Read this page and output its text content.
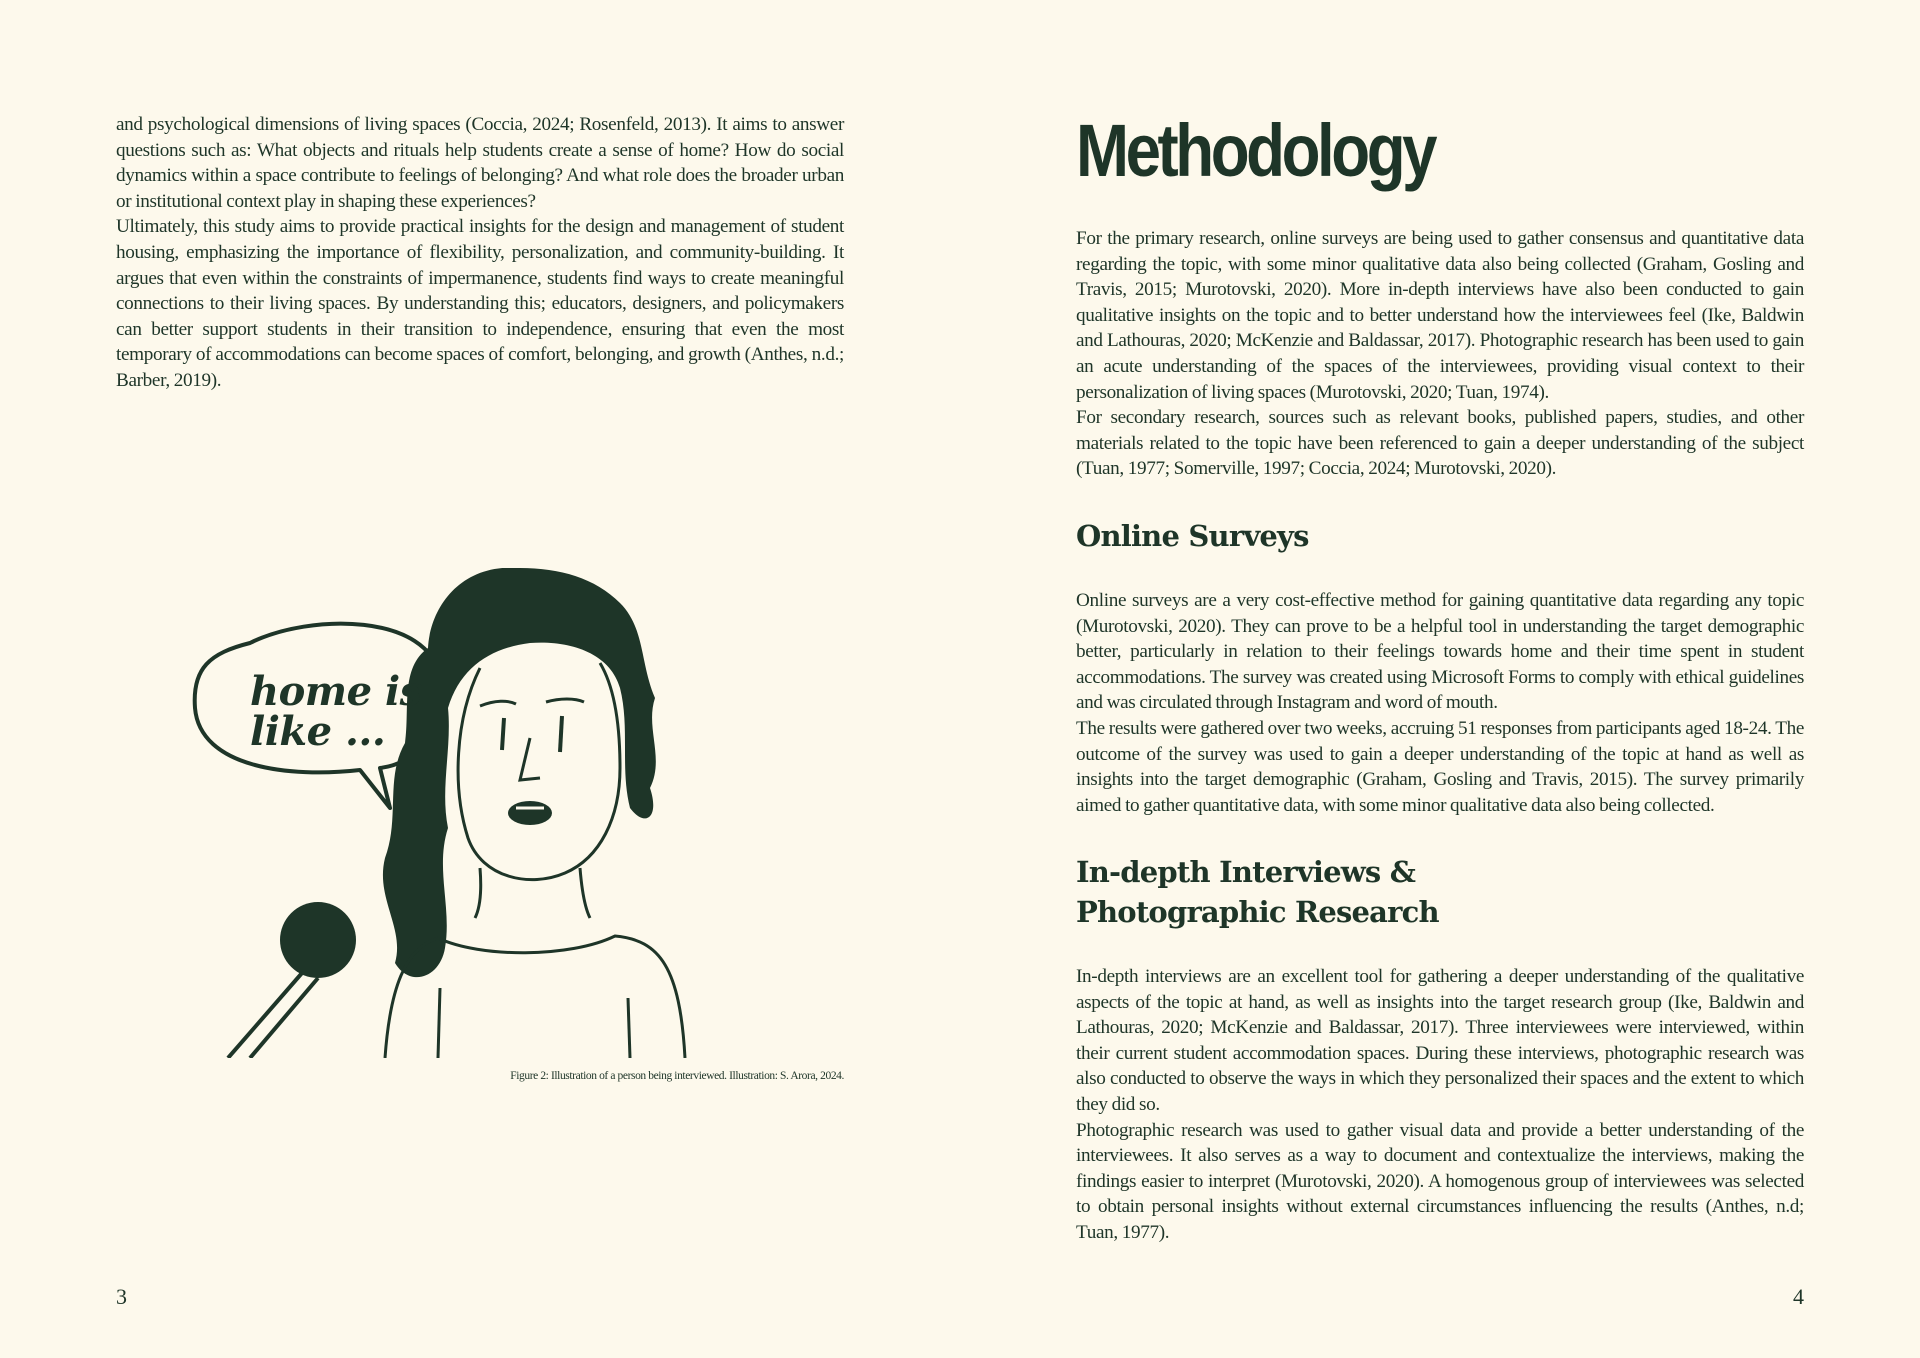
and psychological dimensions of living spaces (Coccia, 2024; Rosenfeld, 2013). It aims to answer questions such as: What objects and rituals help students create a sense of home? How do social dynamics within a space contribute to feelings of belonging? And what role does the broader urban or institutional context play in shaping these experiences?

Ultimately, this study aims to provide practical insights for the design and management of student housing, emphasizing the importance of flexibility, personalization, and community-building. It argues that even within the constraints of impermanence, students find ways to create meaningful connections to their living spaces. By understanding this; educators, designers, and policymakers can better support students in their transition to independence, ensuring that even the most temporary of accommodations can become spaces of comfort, belonging, and growth (Anthes, n.d.; Barber, 2019).

home is
like ...
Figure 2: Illustration of a person being interviewed. Illustration: S. Arora, 2024.
3
Methodology

For the primary research, online surveys are being used to gather consensus and quantitative data regarding the topic, with some minor qualitative data also being collected (Graham, Gosling and Travis, 2015; Murotovski, 2020). More in-depth interviews have also been conducted to gain qualitative insights on the topic and to better understand how the interviewees feel (Ike, Baldwin and Lathouras, 2020; McKenzie and Baldassar, 2017). Photographic research has been used to gain an acute understanding of the spaces of the interviewees, providing visual context to their personalization of living spaces (Murotovski, 2020; Tuan, 1974).

For secondary research, sources such as relevant books, published papers, studies, and other materials related to the topic have been referenced to gain a deeper understanding of the subject (Tuan, 1977; Somerville, 1997; Coccia, 2024; Murotovski, 2020).

Online Surveys

Online surveys are a very cost-effective method for gaining quantitative data regarding any topic (Murotovski, 2020). They can prove to be a helpful tool in understanding the target demographic better, particularly in relation to their feelings towards home and their time spent in student accommodations. The survey was created using Microsoft Forms to comply with ethical guidelines and was circulated through Instagram and word of mouth.

The results were gathered over two weeks, accruing 51 responses from participants aged 18-24. The outcome of the survey was used to gain a deeper understanding of the topic at hand as well as insights into the target demographic (Graham, Gosling and Travis, 2015). The survey primarily aimed to gather quantitative data, with some minor qualitative data also being collected.

In-depth Interviews &
Photographic Research

In-depth interviews are an excellent tool for gathering a deeper understanding of the qualitative aspects of the topic at hand, as well as insights into the target research group (Ike, Baldwin and Lathouras, 2020; McKenzie and Baldassar, 2017). Three interviewees were interviewed, within their current student accommodation spaces. During these interviews, photographic research was also conducted to observe the ways in which they personalized their spaces and the extent to which they did so.

Photographic research was used to gather visual data and provide a better understanding of the interviewees. It also serves as a way to document and contextualize the interviews, making the findings easier to interpret (Murotovski, 2020). A homogenous group of interviewees was selected to obtain personal insights without external circumstances influencing the results (Anthes, n.d; Tuan, 1977).

4
